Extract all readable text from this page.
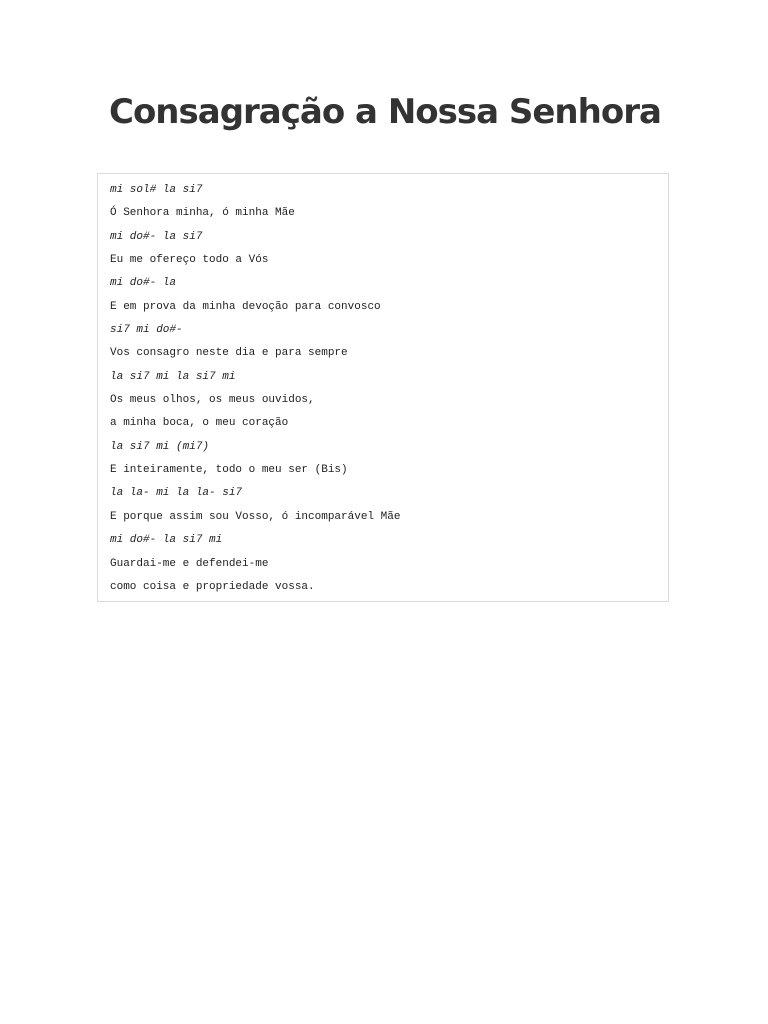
Consagração a Nossa Senhora
mi sol# la si7
Ó Senhora minha, ó minha Mãe
mi do#- la si7
Eu me ofereço todo a Vós
mi do#- la
E em prova da minha devoção para convosco
si7 mi do#-
Vos consagro neste dia e para sempre
la si7 mi la si7 mi
Os meus olhos, os meus ouvidos,
a minha boca, o meu coração
la si7 mi (mi7)
E inteiramente, todo o meu ser (Bis)
la la- mi la la- si7
E porque assim sou Vosso, ó incomparável Mãe
mi do#- la si7 mi
Guardai-me e defendei-me
como coisa e propriedade vossa.
